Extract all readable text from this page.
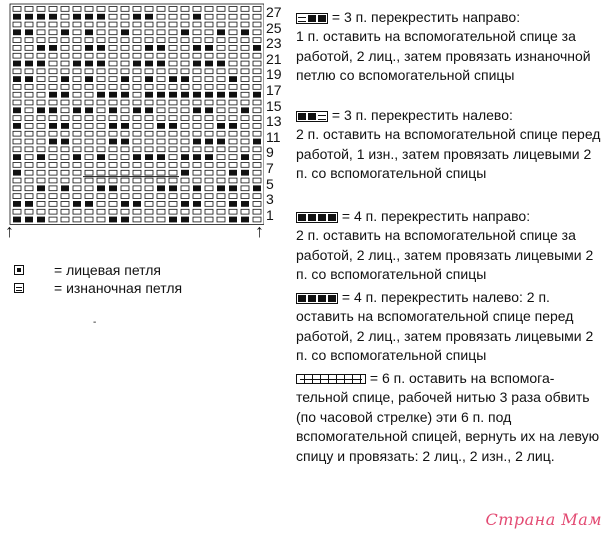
27
25
23
21
19
17
15
13
11
9
7
5
3
1
↑	↑
= лицевая петля
= изнаночная петля
-
= 3 п. перекрестить направо:
1 п. оставить на вспомогательной спице за работой, 2 лиц., затем провязать изнаночной петлю со вспомогательной спицы
= 3 п. перекрестить налево:
2 п. оставить на вспомогательной спице перед работой, 1 изн., затем провязать лицевыми 2 п. со вспомогательной спицы
= 4 п. перекрестить направо:
2 п. оставить на вспомогательной спице за работой, 2 лиц., затем провязать лицевыми 2 п. со вспомогательной спицы
= 4 п. перекрестить налево: 2 п.
оставить на вспомогательной спице перед работой, 2 лиц., затем провязать лицевыми 2 п. со вспомогательной спицы
= 6 п. оставить на вспомога-
тельной спице, рабочей нитью 3 раза обвить (по часовой стрелке) эти 6 п. под вспомогательной спицей, вернуть их на левую спицу и провязать: 2 лиц., 2 изн., 2 лиц.
Страна Мам
